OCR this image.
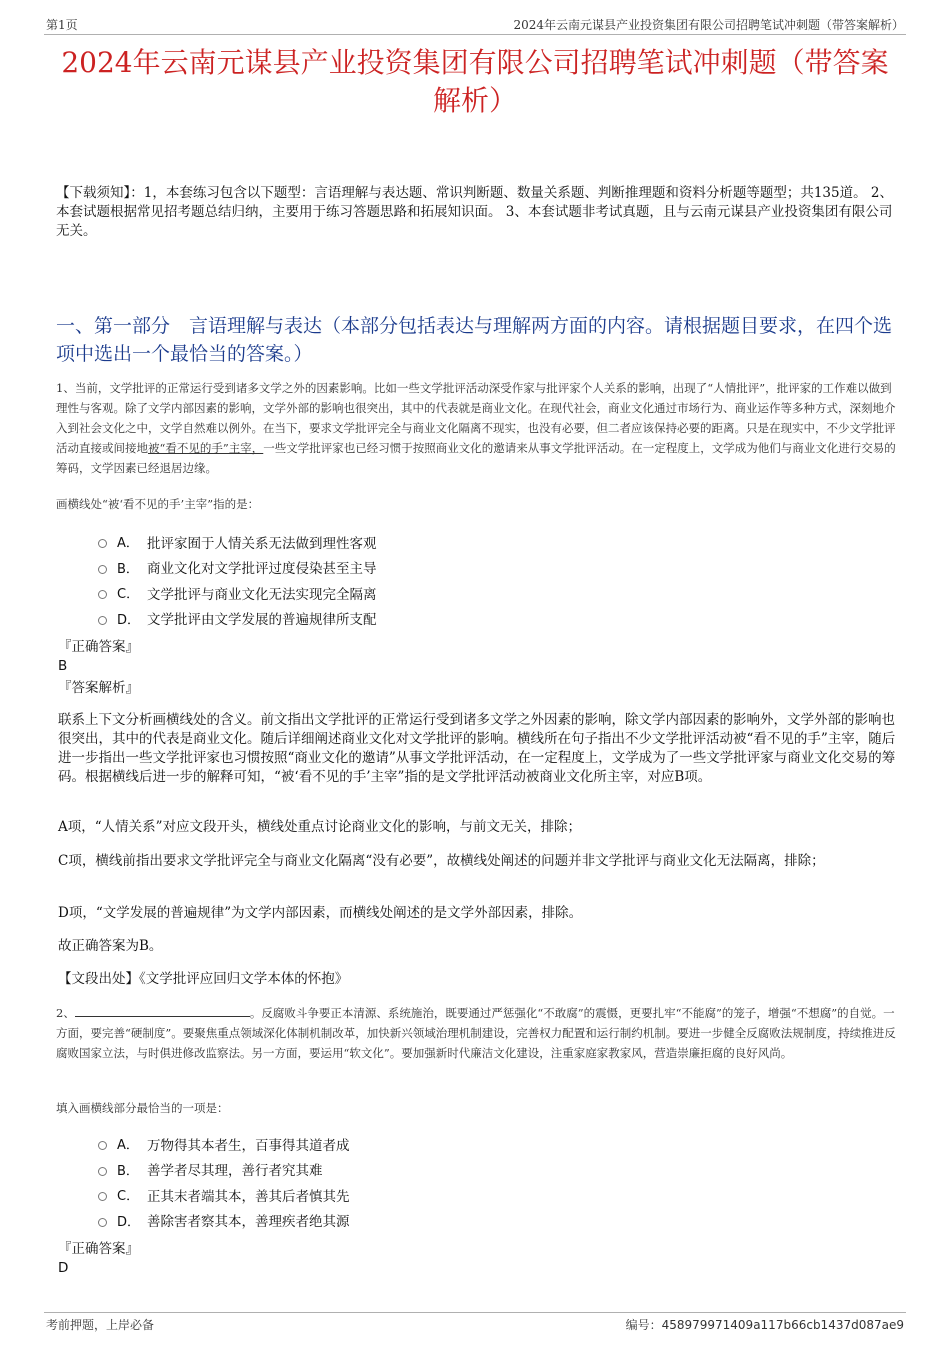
第1页	2024年云南元谋县产业投资集团有限公司招聘笔试冲刺题（带答案解析）
2024年云南元谋县产业投资集团有限公司招聘笔试冲刺题（带答案解析）
【下载须知】：1，本套练习包含以下题型：言语理解与表达题、常识判断题、数量关系题、判断推理题和资料分析题等题型；共135道。 2、本套试题根据常见招考题总结归纳，主要用于练习答题思路和拓展知识面。 3、本套试题非考试真题，且与云南元谋县产业投资集团有限公司无关。
一、第一部分　言语理解与表达（本部分包括表达与理解两方面的内容。请根据题目要求，在四个选项中选出一个最恰当的答案。）
1、当前，文学批评的正常运行受到诸多文学之外的因素影响。比如一些文学批评活动深受作家与批评家个人关系的影响，出现了“人情批评”，批评家的工作难以做到理性与客观。除了文学内部因素的影响，文学外部的影响也很突出，其中的代表就是商业文化。在现代社会，商业文化通过市场行为、商业运作等多种方式，深刻地介入到社会文化之中，文学自然难以例外。在当下，要求文学批评完全与商业文化隔离不现实，也没有必要，但二者应该保持必要的距离。只是在现实中，不少文学批评活动直接或间接地被“看不见的手”主宰，一些文学批评家也已经习惯于按照商业文化的邀请来从事文学批评活动。在一定程度上，文学成为他们与商业文化进行交易的筹码，文学因素已经退居边缘。
画横线处“被‘看不见的手’主宰”指的是：
A． 批评家囿于人情关系无法做到理性客观
B． 商业文化对文学批评过度侵染甚至主导
C． 文学批评与商业文化无法实现完全隔离
D． 文学批评由文学发展的普遍规律所支配
『正确答案』
B
『答案解析』
联系上下文分析画横线处的含义。前文指出文学批评的正常运行受到诸多文学之外因素的影响，除文学内部因素的影响外，文学外部的影响也很突出，其中的代表是商业文化。随后详细阐述商业文化对文学批评的影响。横线所在句子指出不少文学批评活动被“看不见的手”主宰，随后进一步指出一些文学批评家也习惯按照“商业文化的邀请”从事文学批评活动，在一定程度上，文学成为了一些文学批评家与商业文化交易的筹码。根据横线后进一步的解释可知，“被‘看不见的手’主宰”指的是文学批评活动被商业文化所主宰，对应B项。
A项，“人情关系”对应文段开头，横线处重点讨论商业文化的影响，与前文无关，排除；
C项，横线前指出要求文学批评完全与商业文化隔离“没有必要”，故横线处阐述的问题并非文学批评与商业文化无法隔离，排除；
D项，“文学发展的普遍规律”为文学内部因素，而横线处阐述的是文学外部因素，排除。
故正确答案为B。
【文段出处】《文学批评应回归文学本体的怀抱》
2、	。反腐败斗争要正本清源、系统施治，既要通过严惩强化“不敢腐”的震慑，更要扎牢“不能腐”的笼子，增强“不想腐”的自觉。一方面，要完善“硬制度”。要聚焦重点领域深化体制机制改革，加快新兴领域治理机制建设，完善权力配置和运行制约机制。要进一步健全反腐败法规制度，持续推进反腐败国家立法，与时俱进修改监察法。另一方面，要运用“软文化”。要加强新时代廉洁文化建设，注重家庭家教家风，营造崇廉拒腐的良好风尚。
填入画横线部分最恰当的一项是：
A． 万物得其本者生，百事得其道者成
B． 善学者尽其理，善行者究其难
C． 正其末者端其本，善其后者慎其先
D． 善除害者察其本，善理疾者绝其源
『正确答案』
D
考前押题，上岸必备	编号：458979971409a117b66cb1437d087ae9
